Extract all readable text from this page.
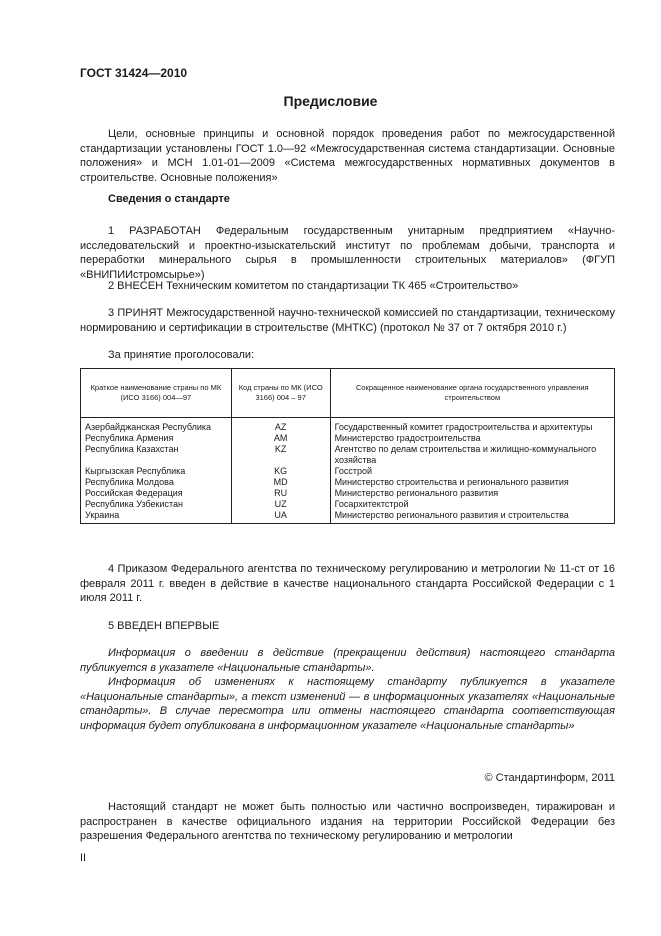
ГОСТ 31424—2010
Предисловие
Цели, основные принципы и основной порядок проведения работ по межгосударственной стандартизации установлены ГОСТ 1.0—92 «Межгосударственная система стандартизации. Основные положения» и МСН 1.01-01—2009 «Система межгосударственных нормативных документов в строительстве. Основные положения»
Сведения о стандарте
1 РАЗРАБОТАН Федеральным государственным унитарным предприятием «Научно-исследовательский и проектно-изыскательский институт по проблемам добычи, транспорта и переработки минерального сырья в промышленности строительных материалов» (ФГУП «ВНИПИИстромсырье»)
2 ВНЕСЕН Техническим комитетом по стандартизации ТК 465 «Строительство»
3 ПРИНЯТ Межгосударственной научно-технической комиссией по стандартизации, техническому нормированию и сертификации в строительстве (МНТКС) (протокол № 37 от 7 октября 2010 г.)
За принятие проголосовали:
Краткое наименование страны по МК (ИСО 3166) 004—97	Код страны по МК (ИСО 3166) 004 – 97	Сокращенное наименование органа государственного управления строительством
Азербайджанская Республика	AZ	Государственный комитет градостроительства и архитектуры
Республика Армения	AM	Министерство градостроительства
Республика Казахстан	KZ	Агентство по делам строительства и жилищно-коммунального хозяйства
Кыргызская Республика	KG	Госстрой
Республика Молдова	MD	Министерство строительства и регионального развития
Российская Федерация	RU	Министерство регионального развития
Республика Узбекистан	UZ	Госархитектстрой
Украина	UA	Министерство регионального развития и строительства
4 Приказом Федерального агентства по техническому регулированию и метрологии № 11-ст от 16 февраля 2011 г. введен в действие в качестве национального стандарта Российской Федерации с 1 июля 2011 г.
5 ВВЕДЕН ВПЕРВЫЕ
Информация о введении в действие (прекращении действия) настоящего стандарта публикуется в указателе «Национальные стандарты».
Информация об изменениях к настоящему стандарту публикуется в указателе «Национальные стандарты», а текст изменений — в информационных указателях «Национальные стандарты». В случае пересмотра или отмены настоящего стандарта соответствующая информация будет опубликована в информационном указателе «Национальные стандарты»
© Стандартинформ, 2011
Настоящий стандарт не может быть полностью или частично воспроизведен, тиражирован и распространен в качестве официального издания на территории Российской Федерации без разрешения Федерального агентства по техническому регулированию и метрологии
II
